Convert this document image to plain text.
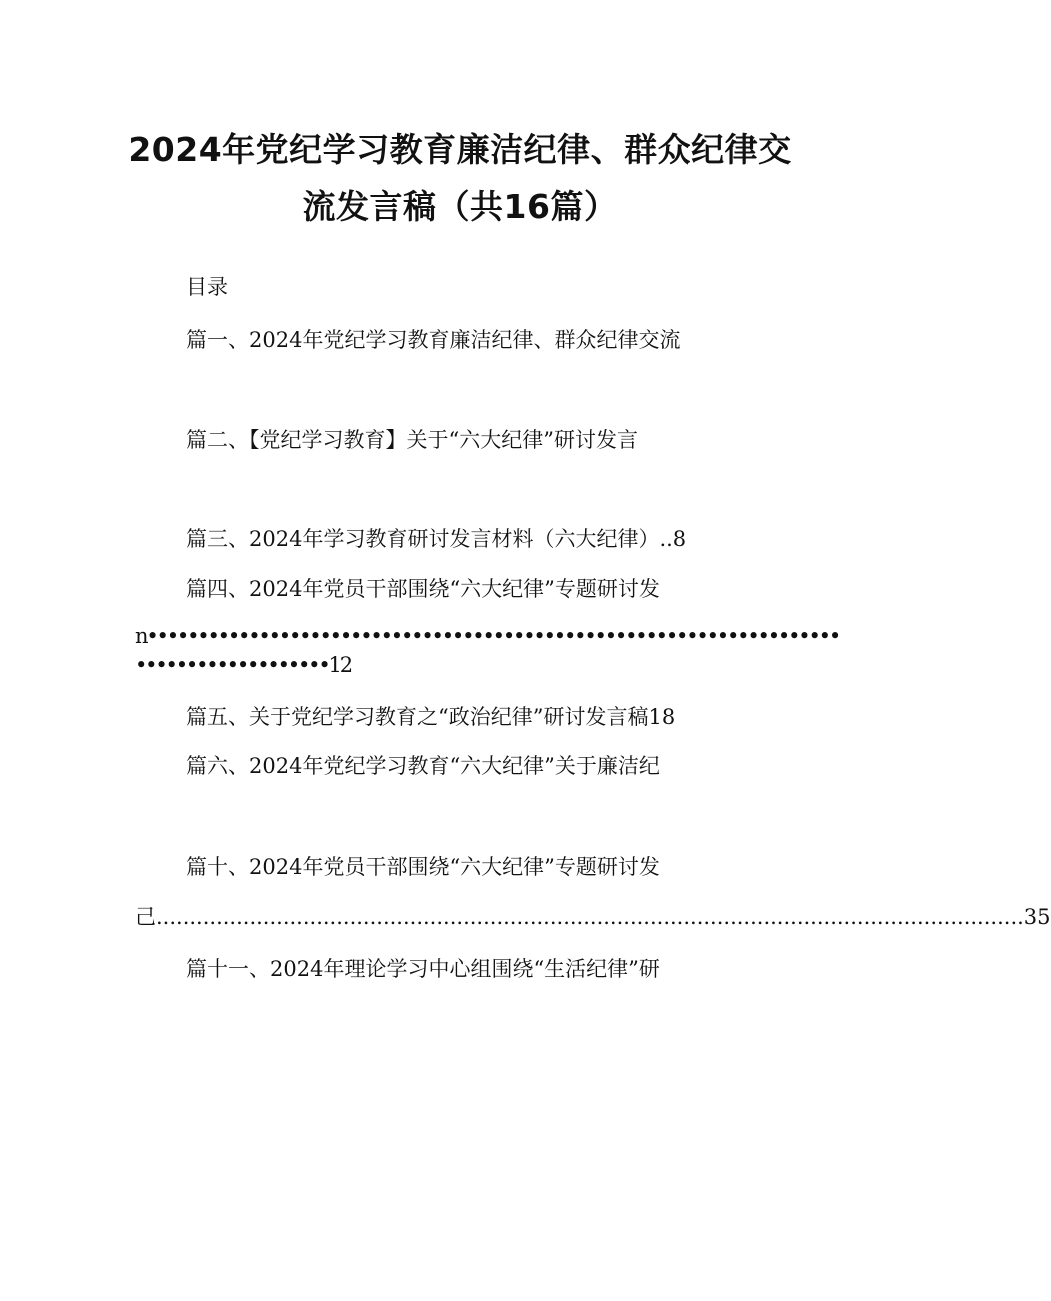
2024年党纪学习教育廉洁纪律、群众纪律交
流发言稿（共16篇）
目录
篇一、2024年党纪学习教育廉洁纪律、群众纪律交流
篇二、【党纪学习教育】关于“六大纪律”研讨发言
篇三、2024年学习教育研讨发言材料（六大纪律）..8
篇四、2024年党员干部围绕“六大纪律”专题研讨发
n••••••••••••••••••••••••••••••••••••••••••••••••••••••••••••••••••••
•••••••••••••••••••12
篇五、关于党纪学习教育之“政治纪律”研讨发言稿18
篇六、2024年党纪学习教育“六大纪律”关于廉洁纪
篇十、2024年党员干部围绕“六大纪律”专题研讨发
己 .................................................................................................................................. 35
篇十一、2024年理论学习中心组围绕“生活纪律”研
